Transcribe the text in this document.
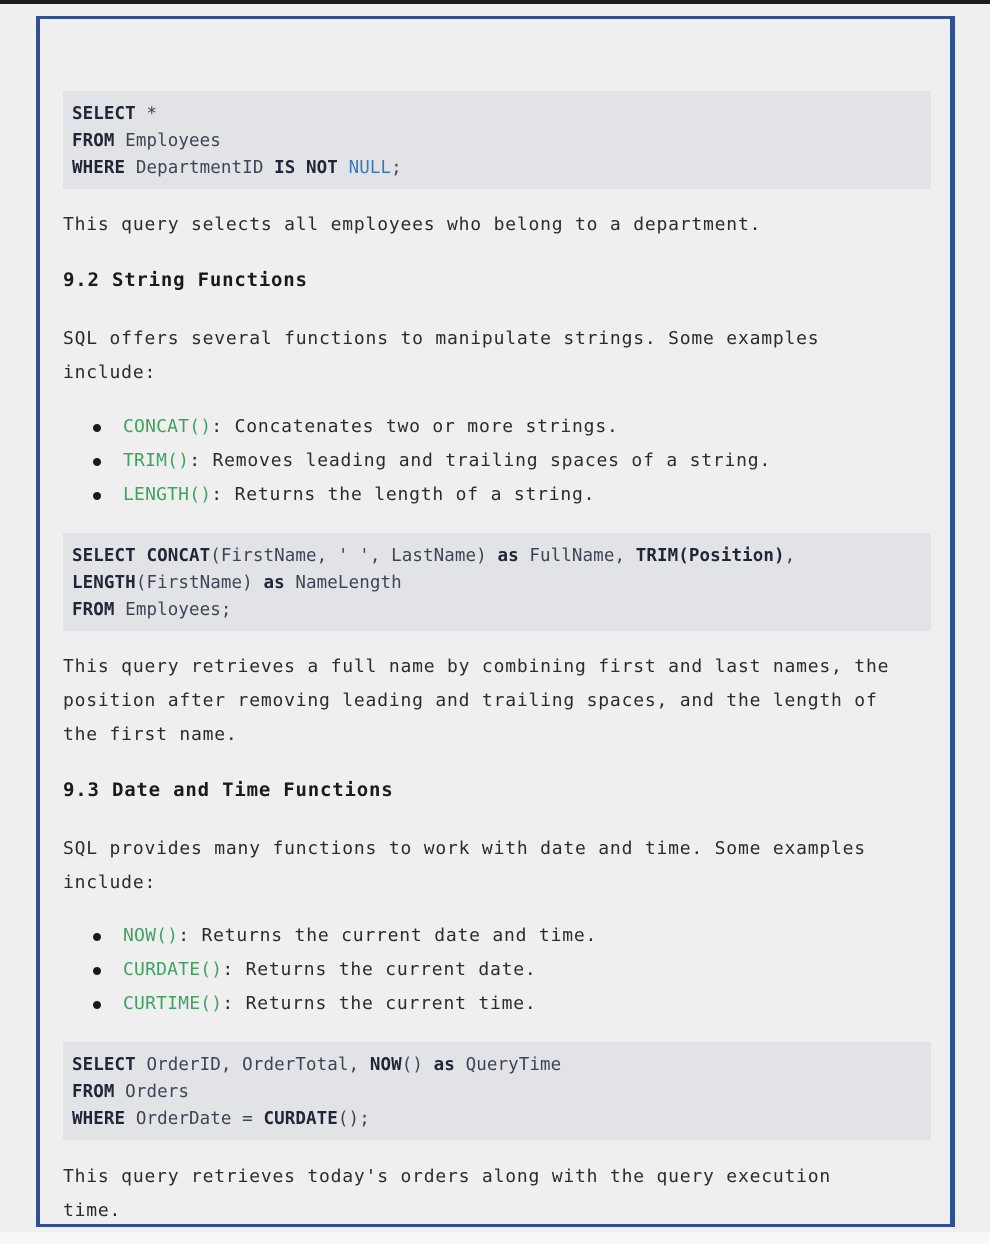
SELECT *
FROM Employees
WHERE DepartmentID IS NOT NULL;

This query selects all employees who belong to a department.

9.2 String Functions

SQL offers several functions to manipulate strings. Some examples
include:

CONCAT(): Concatenates two or more strings.
TRIM(): Removes leading and trailing spaces of a string.
LENGTH(): Returns the length of a string.
SELECT CONCAT(FirstName, ' ', LastName) as FullName, TRIM(Position),
LENGTH(FirstName) as NameLength
FROM Employees;

This query retrieves a full name by combining first and last names, the
position after removing leading and trailing spaces, and the length of
the first name.

9.3 Date and Time Functions

SQL provides many functions to work with date and time. Some examples
include:

NOW(): Returns the current date and time.
CURDATE(): Returns the current date.
CURTIME(): Returns the current time.
SELECT OrderID, OrderTotal, NOW() as QueryTime
FROM Orders
WHERE OrderDate = CURDATE();

This query retrieves today's orders along with the query execution
time.
